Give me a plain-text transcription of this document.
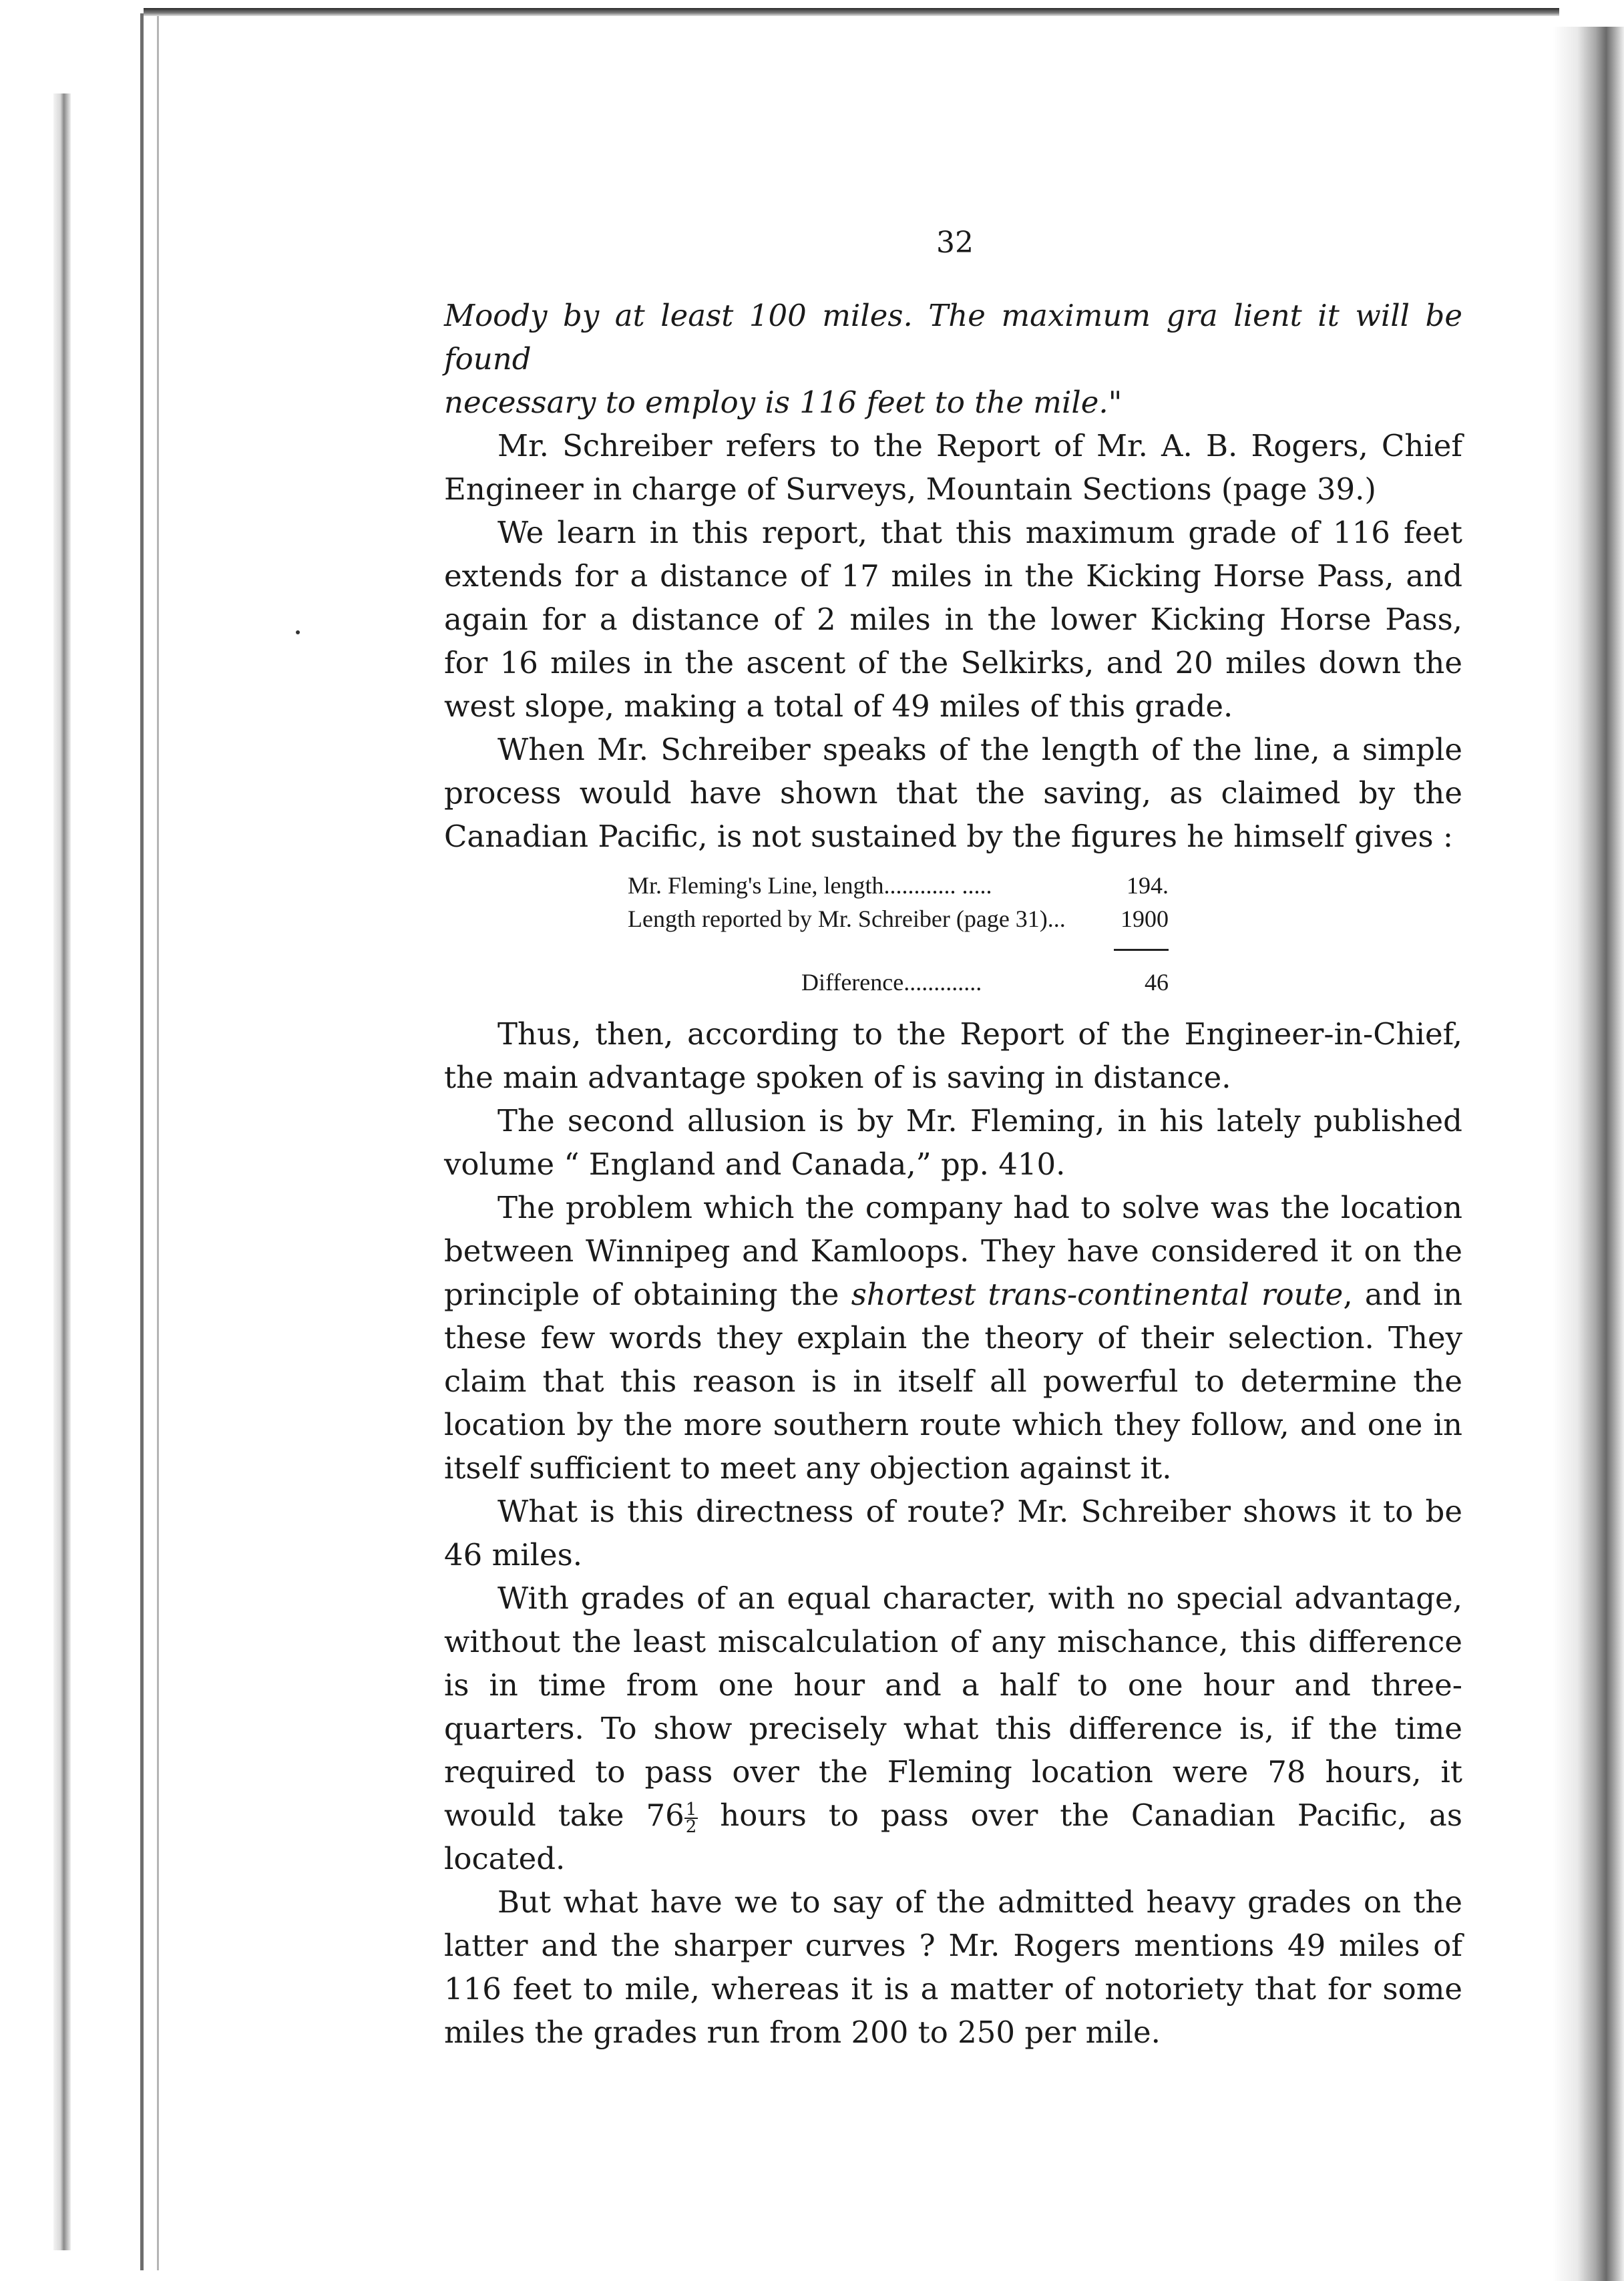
32

Moody by at least 100 miles. The maximum gra lient it will be found
necessary to employ is 116 feet to the mile."

Mr. Schreiber refers to the Report of Mr. A. B. Rogers, Chief Engineer in charge of Surveys, Mountain Sections (page 39.)

We learn in this report, that this maximum grade of 116 feet extends for a distance of 17 miles in the Kicking Horse Pass, and again for a distance of 2 miles in the lower Kicking Horse Pass, for 16 miles in the ascent of the Selkirks, and 20 miles down the west slope, making a total of 49 miles of this grade.

When Mr. Schreiber speaks of the length of the line, a simple process would have shown that the saving, as claimed by the Canadian Pacific, is not sustained by the figures he himself gives :

Mr. Fleming's Line, length............ .....	194.
Length reported by Mr. Schreiber (page 31)...	1900
Difference.............	46

Thus, then, according to the Report of the Engineer-in-Chief, the main advantage spoken of is saving in distance.

The second allusion is by Mr. Fleming, in his lately published volume “ England and Canada,” pp. 410.

The problem which the company had to solve was the location between Winnipeg and Kamloops. They have considered it on the principle of obtaining the shortest trans-continental route, and in these few words they explain the theory of their selection. They claim that this reason is in itself all powerful to determine the location by the more southern route which they follow, and one in itself sufficient to meet any objection against it.

What is this directness of route? Mr. Schreiber shows it to be 46 miles.

With grades of an equal character, with no special advantage, without the least miscalculation of any mischance, this difference is in time from one hour and a half to one hour and three-quarters. To show precisely what this difference is, if the time required to pass over the Fleming location were 78 hours, it would take $76 \frac{1}{2}$ hours to pass over the Canadian Pacific, as located.

But what have we to say of the admitted heavy grades on the latter and the sharper curves ? Mr. Rogers mentions 49 miles of 116 feet to mile, whereas it is a matter of notoriety that for some miles the grades run from 200 to 250 per mile.
